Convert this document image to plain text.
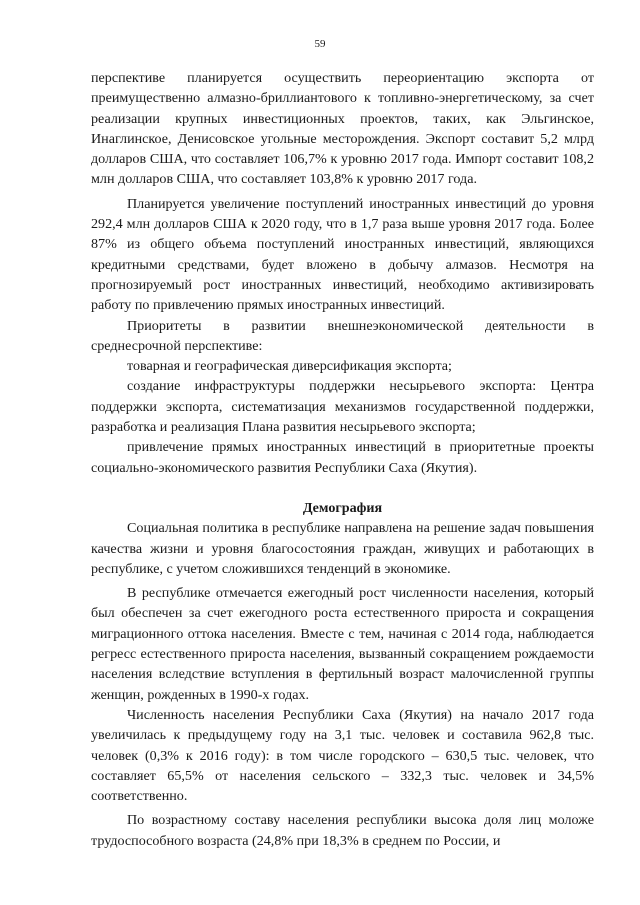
59

перспективе планируется осуществить переориентацию экспорта от преимущественно алмазно-бриллиантового к топливно-энергетическому, за счет реализации крупных инвестиционных проектов, таких, как Эльгинское, Инаглинское, Денисовское угольные месторождения. Экспорт составит 5,2 млрд долларов США, что составляет 106,7% к уровню 2017 года. Импорт составит 108,2 млн долларов США, что составляет 103,8% к уровню 2017 года.

Планируется увеличение поступлений иностранных инвестиций до уровня 292,4 млн долларов США к 2020 году, что в 1,7 раза выше уровня 2017 года. Более 87% из общего объема поступлений иностранных инвестиций, являющихся кредитными средствами, будет вложено в добычу алмазов. Несмотря на прогнозируемый рост иностранных инвестиций, необходимо активизировать работу по привлечению прямых иностранных инвестиций.

Приоритеты в развитии внешнеэкономической деятельности в среднесрочной перспективе:

товарная и географическая диверсификация экспорта;

создание инфраструктуры поддержки несырьевого экспорта: Центра поддержки экспорта, систематизация механизмов государственной поддержки, разработка и реализация Плана развития несырьевого экспорта;

привлечение прямых иностранных инвестиций в приоритетные проекты социально-экономического развития Республики Саха (Якутия).

Демография

Социальная политика в республике направлена на решение задач повышения качества жизни и уровня благосостояния граждан, живущих и работающих в республике, с учетом сложившихся тенденций в экономике.

В республике отмечается ежегодный рост численности населения, который был обеспечен за счет ежегодного роста естественного прироста и сокращения миграционного оттока населения. Вместе с тем, начиная с 2014 года, наблюдается регресс естественного прироста населения, вызванный сокращением рождаемости населения вследствие вступления в фертильный возраст малочисленной группы женщин, рожденных в 1990-х годах.

Численность населения Республики Саха (Якутия) на начало 2017 года увеличилась к предыдущему году на 3,1 тыс. человек и составила 962,8 тыс. человек (0,3% к 2016 году): в том числе городского – 630,5 тыс. человек, что составляет 65,5% от населения сельского – 332,3 тыс. человек и 34,5% соответственно.

По возрастному составу населения республики высока доля лиц моложе трудоспособного возраста (24,8% при 18,3% в среднем по России, и
